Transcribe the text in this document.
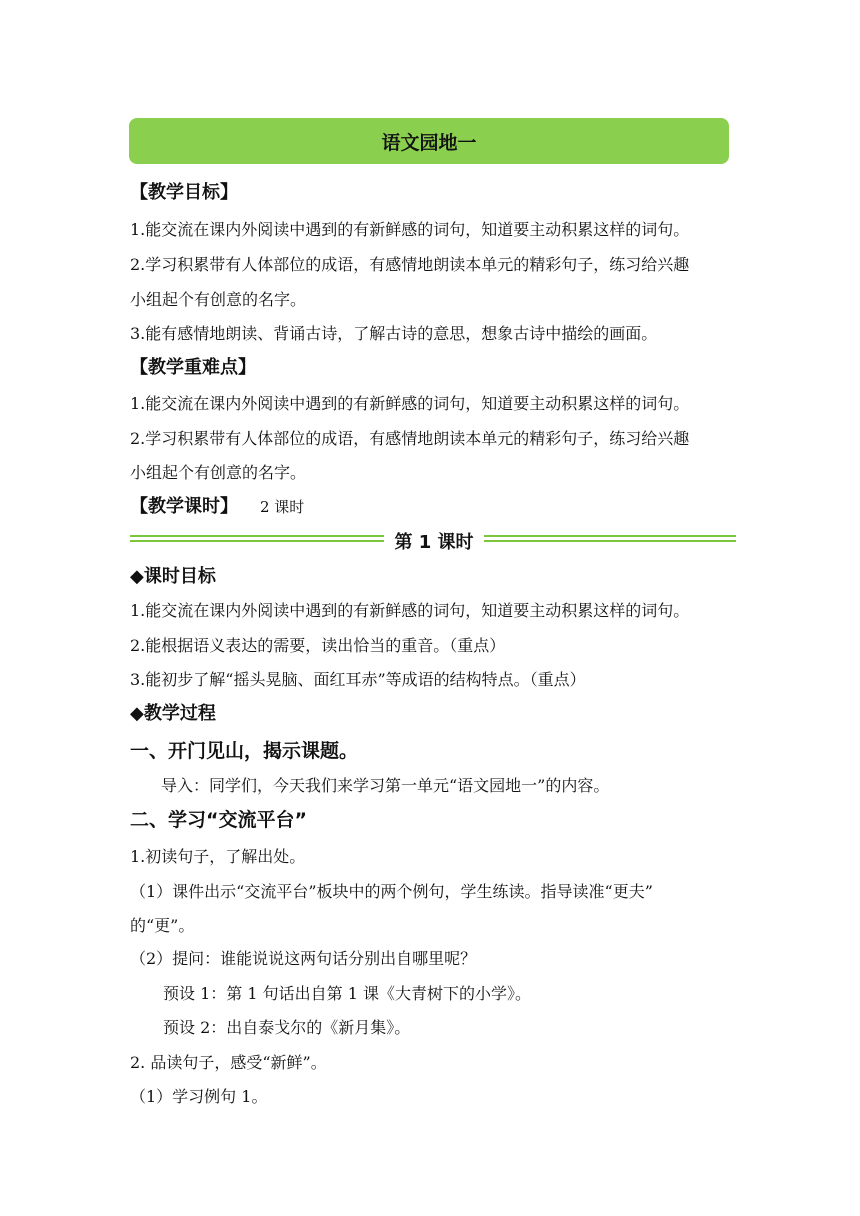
语文园地一
【教学目标】
1.能交流在课内外阅读中遇到的有新鲜感的词句，知道要主动积累这样的词句。
2.学习积累带有人体部位的成语，有感情地朗读本单元的精彩句子，练习给兴趣
小组起个有创意的名字。
3.能有感情地朗读、背诵古诗，了解古诗的意思，想象古诗中描绘的画面。
【教学重难点】
1.能交流在课内外阅读中遇到的有新鲜感的词句，知道要主动积累这样的词句。
2.学习积累带有人体部位的成语，有感情地朗读本单元的精彩句子，练习给兴趣
小组起个有创意的名字。
【教学课时】 2 课时
第 1 课时
◆课时目标
1.能交流在课内外阅读中遇到的有新鲜感的词句，知道要主动积累这样的词句。
2.能根据语义表达的需要，读出恰当的重音。（重点）
3.能初步了解“摇头晃脑、面红耳赤”等成语的结构特点。（重点）
◆教学过程
一、开门见山，揭示课题。
导入：同学们，今天我们来学习第一单元“语文园地一”的内容。
二、学习“交流平台”
1.初读句子，了解出处。
（1）课件出示“交流平台”板块中的两个例句，学生练读。指导读准“更夫”
的“更”。
（2）提问：谁能说说这两句话分别出自哪里呢？
预设 1：第 1 句话出自第 1 课《大青树下的小学》。
预设 2：出自泰戈尔的《新月集》。
2. 品读句子，感受“新鲜”。
（1）学习例句 1。
